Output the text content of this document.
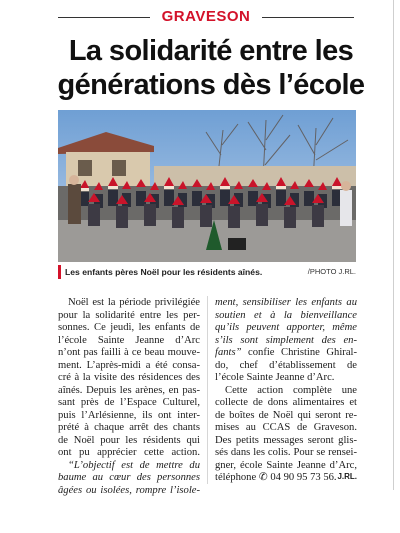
GRAVESON
La solidarité entre les
générations dès l’école
Les enfants pères Noël pour les résidents aînés.	/PHOTO J.RL.

Noël est la période privilégiée
pour la solidarité entre les per-
sonnes. Ce jeudi, les enfants de
l’école Sainte Jeanne d’Arc
n’ont pas failli à ce beau mouve-
ment. L’après-midi a été consa-
cré à la visite des résidences des
aînés. Depuis les arènes, en pas-
sant près de l’Espace Culturel,
puis l’Arlésienne, ils ont inter-
prété à chaque arrêt des chants
de Noël pour les résidents qui
ont pu apprécier cette action.
“L’objectif est de mettre du
baume au cœur des personnes
âgées ou isolées, rompre l’isole-

ment, sensibiliser les enfants au
soutien et à la bienveillance
qu’ils peuvent apporter, même
s’ils sont simplement des en-
fants” confie Christine Ghiral-
do, chef d’établissement de
l’école Sainte Jeanne d’Arc.
Cette action complète une
collecte de dons alimentaires et
de boîtes de Noël qui seront re-
mises au CCAS de Graveson.
Des petits messages seront glis-
sés dans les colis. Pour se rensei-
gner, école Sainte Jeanne d’Arc,
téléphone ✆ 04 90 95 73 56. J.RL.
